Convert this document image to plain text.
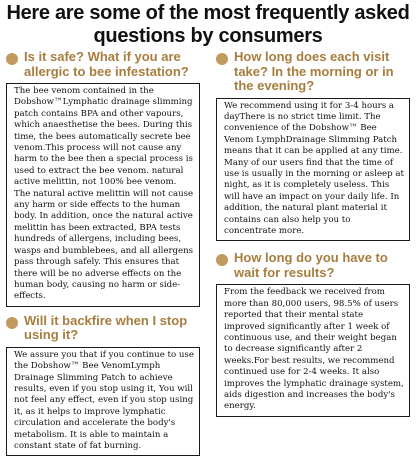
Here are some of the most frequently asked
questions by consumers
Is it safe? What if you are allergic to bee infestation?

The bee venom contained in the Dobshow™Lymphatic drainage slimming patch contains BPA and other vapours, which anaesthetise the bees. During this time, the bees automatically secrete bee venom.This process will not cause any harm to the bee then a special process is used to extract the bee venom. natural active melittin, not 100% bee venom. The natural active melittin will not cause any harm or side effects to the human body. In addition, once the natural active melittin has been extracted, BPA tests hundreds of allergens, including bees, wasps and bumblebees, and all allergens pass through safely. This ensures that there will be no adverse effects on the human body, causing no harm or side-effects.

Will it backfire when I stop using it?

We assure you that if you continue to use the Dobshow™ Bee VenomLymph Drainage Slimming Patch to achieve results, even if you stop using it, You will not feel any effect, even if you stop using it, as it helps to improve lymphatic circulation and accelerate the body's metabolism. It is able to maintain a constant state of fat burning.

How long does each visit take? In the morning or in the evening?

We recommend using it for 3-4 hours a dayThere is no strict time limit. The convenience of the Dobshow™ Bee Venom LymphDrainage Slimming Patch means that it can be applied at any time. Many of our users find that the time of use is usually in the morning or asleep at night, as it is completely useless. This will have an impact on your daily life. In addition, the natural plant material it contains can also help you to concentrate more.

How long do you have to wait for results?

From the feedback we received from more than 80,000 users, 98.5% of users reported that their mental state improved significantly after 1 week of continuous use, and their weight began to decrease significantly after 2 weeks.For best results, we recommend continued use for 2-4 weeks. It also improves the lymphatic drainage system, aids digestion and increases the body's energy.
